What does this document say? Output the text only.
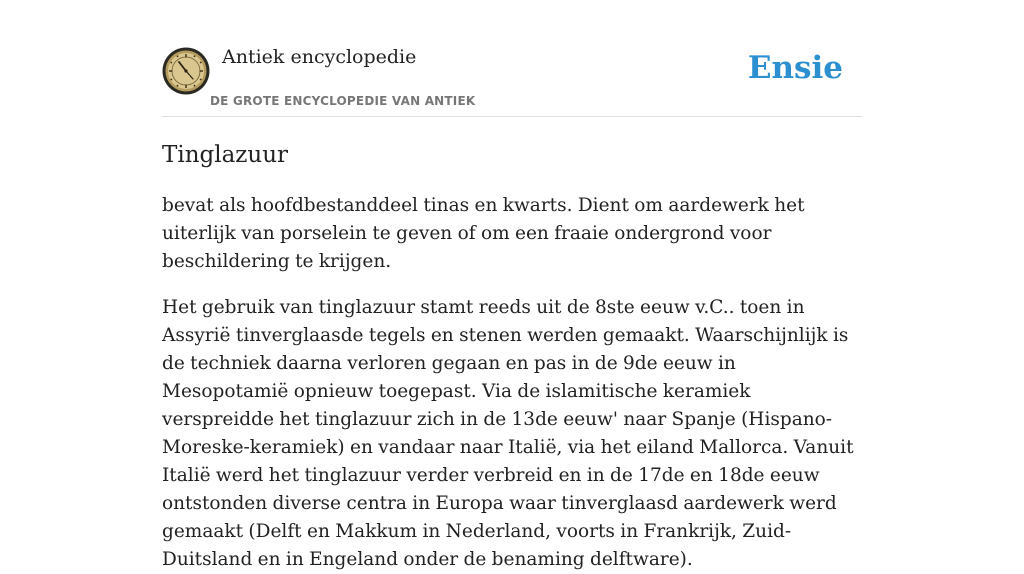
Antiek encyclopedie
DE GROTE ENCYCLOPEDIE VAN ANTIEK
Ensie
Tinglazuur

bevat als hoofdbestanddeel tinas en kwarts. Dient om aardewerk het uiterlijk van porselein te geven of om een fraaie ondergrond voor beschildering te krijgen.

Het gebruik van tinglazuur stamt reeds uit de 8ste eeuw v.C.. toen in Assyrië tinverglaasde tegels en stenen werden gemaakt. Waarschijnlijk is de techniek daarna verloren gegaan en pas in de 9de eeuw in Mesopotamië opnieuw toegepast. Via de islamitische keramiek verspreidde het tinglazuur zich in de 13de eeuw' naar Spanje (Hispano-Moreske-keramiek) en vandaar naar Italië, via het eiland Mallorca. Vanuit Italië werd het tinglazuur verder verbreid en in de 17de en 18de eeuw ontstonden diverse centra in Europa waar tinverglaasd aardewerk werd gemaakt (Delft en Makkum in Nederland, voorts in Frankrijk, Zuid-Duitsland en in Engeland onder de benaming delftware).
